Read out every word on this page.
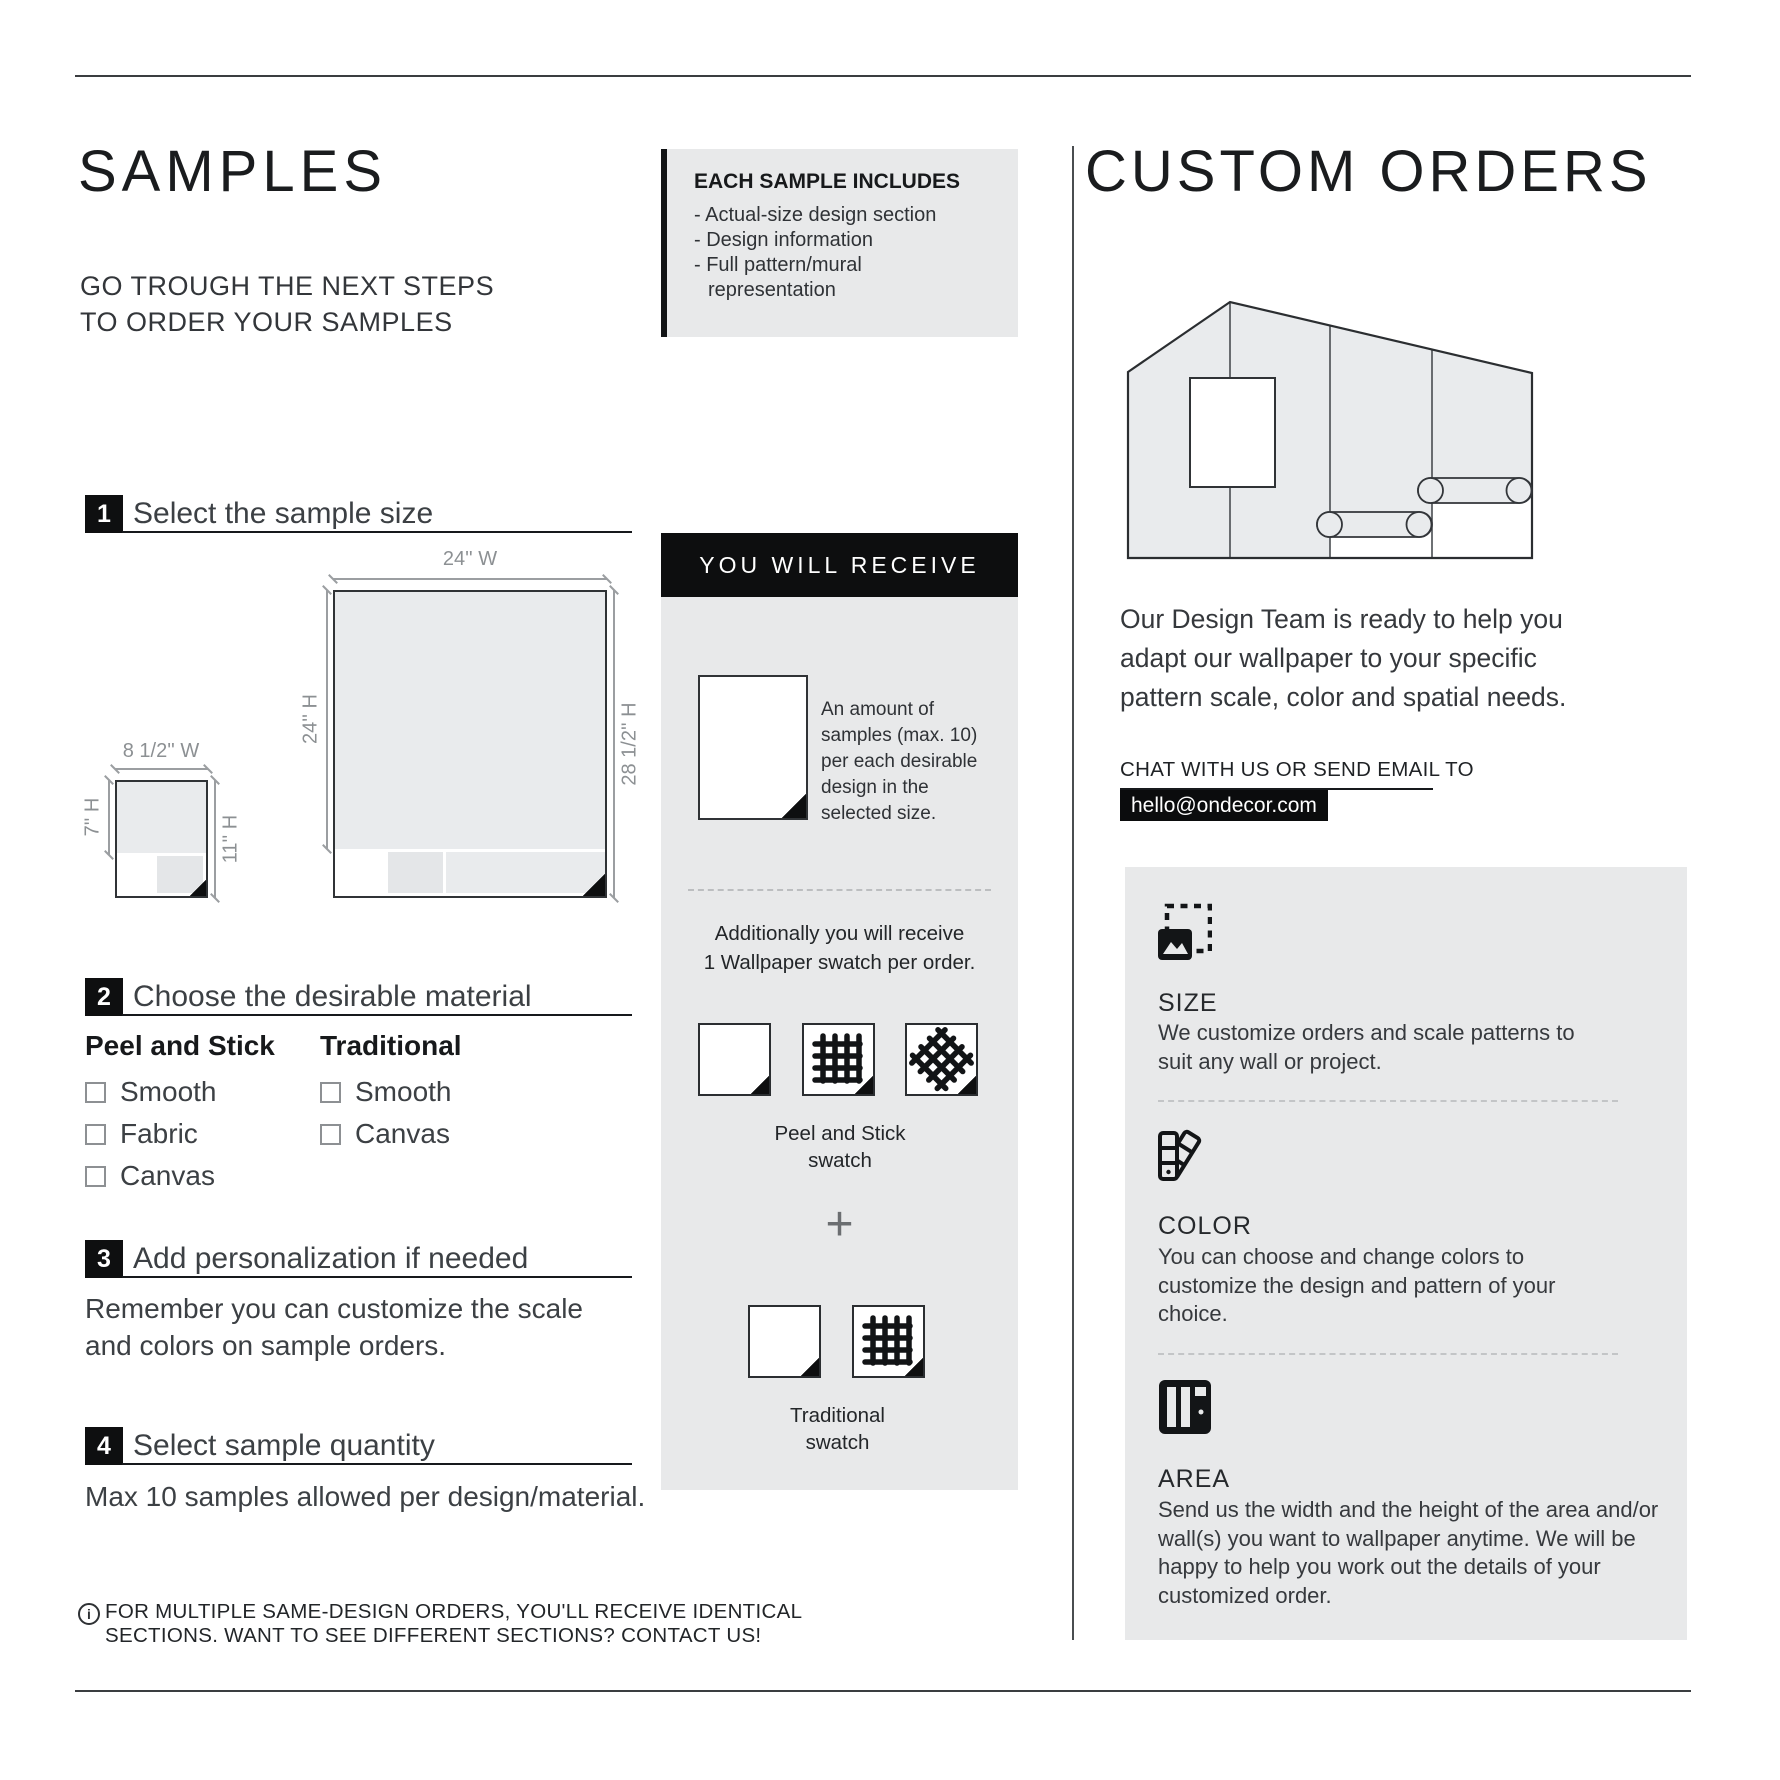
SAMPLES

GO TROUGH THE NEXT STEPS
TO ORDER YOUR SAMPLES

EACH SAMPLE INCLUDES
- Actual-size design section
- Design information
- Full pattern/mural representation
1 Select the sample size
24'' W
24'' H	28 1/2'' H
8 1/2'' W
7'' H	11'' H
2 Choose the desirable material
Peel and Stick
Smooth
Fabric
Canvas
Traditional
Smooth
Canvas
3 Add personalization if needed

Remember you can customize the scale
and colors on sample orders.

4 Select sample quantity

Max 10 samples allowed per design/material.

i FOR MULTIPLE SAME-DESIGN ORDERS, YOU'LL RECEIVE IDENTICAL
SECTIONS. WANT TO SEE DIFFERENT SECTIONS? CONTACT US!

YOU WILL RECEIVE

An amount of samples (max. 10) per each desirable design in the selected size.

Additionally you will receive
1 Wallpaper swatch per order.

Peel and Stick
swatch

+

Traditional
swatch

CUSTOM ORDERS

Our Design Team is ready to help you adapt our wallpaper to your specific pattern scale, color and spatial needs.

CHAT WITH US OR SEND EMAIL TO
hello@ondecor.com
SIZE

We customize orders and scale patterns to suit any wall or project.

COLOR

You can choose and change colors to customize the design and pattern of your choice.

AREA

Send us the width and the height of the area and/or wall(s) you want to wallpaper anytime. We will be happy to help you work out the details of your customized order.
